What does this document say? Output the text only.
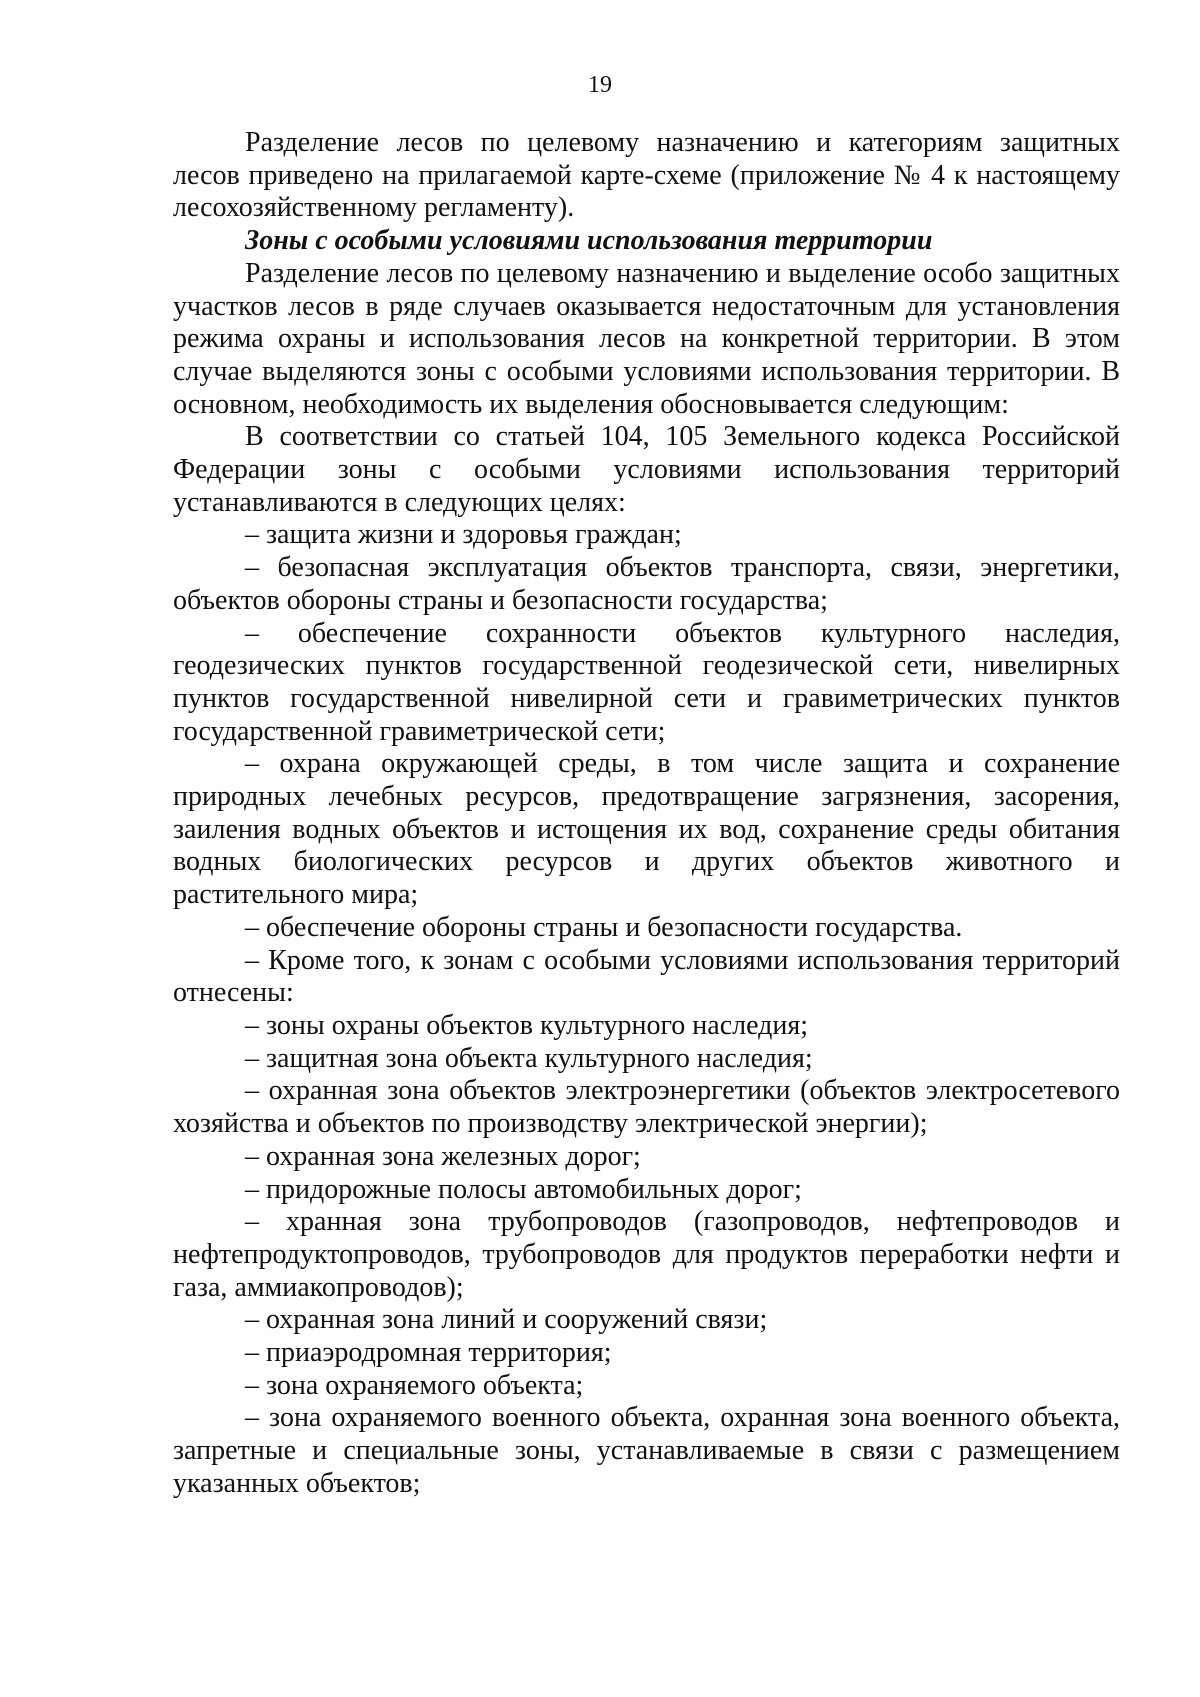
19

Разделение лесов по целевому назначению и категориям защитных лесов приведено на прилагаемой карте-схеме (приложение № 4 к настоящему лесохозяйственному регламенту).

Зоны с особыми условиями использования территории

Разделение лесов по целевому назначению и выделение особо защитных участков лесов в ряде случаев оказывается недостаточным для установления режима охраны и использования лесов на конкретной территории. В этом случае выделяются зоны с особыми условиями использования территории. В основном, необходимость их выделения обосновывается следующим:

В соответствии со статьей 104, 105 Земельного кодекса Российской Федерации зоны с особыми условиями использования территорий устанавливаются в следующих целях:

– защита жизни и здоровья граждан;

– безопасная эксплуатация объектов транспорта, связи, энергетики, объектов обороны страны и безопасности государства;

– обеспечение сохранности объектов культурного наследия, геодезических пунктов государственной геодезической сети, нивелирных пунктов государственной нивелирной сети и гравиметрических пунктов государственной гравиметрической сети;

– охрана окружающей среды, в том числе защита и сохранение природных лечебных ресурсов, предотвращение загрязнения, засорения, заиления водных объектов и истощения их вод, сохранение среды обитания водных биологических ресурсов и других объектов животного и растительного мира;

– обеспечение обороны страны и безопасности государства.

– Кроме того, к зонам с особыми условиями использования территорий отнесены:

– зоны охраны объектов культурного наследия;

– защитная зона объекта культурного наследия;

– охранная зона объектов электроэнергетики (объектов электросетевого хозяйства и объектов по производству электрической энергии);

– охранная зона железных дорог;

– придорожные полосы автомобильных дорог;

– хранная зона трубопроводов (газопроводов, нефтепроводов и нефтепродуктопроводов, трубопроводов для продуктов переработки нефти и газа, аммиакопроводов);

– охранная зона линий и сооружений связи;

– приаэродромная территория;

– зона охраняемого объекта;

– зона охраняемого военного объекта, охранная зона военного объекта, запретные и специальные зоны, устанавливаемые в связи с размещением указанных объектов;
